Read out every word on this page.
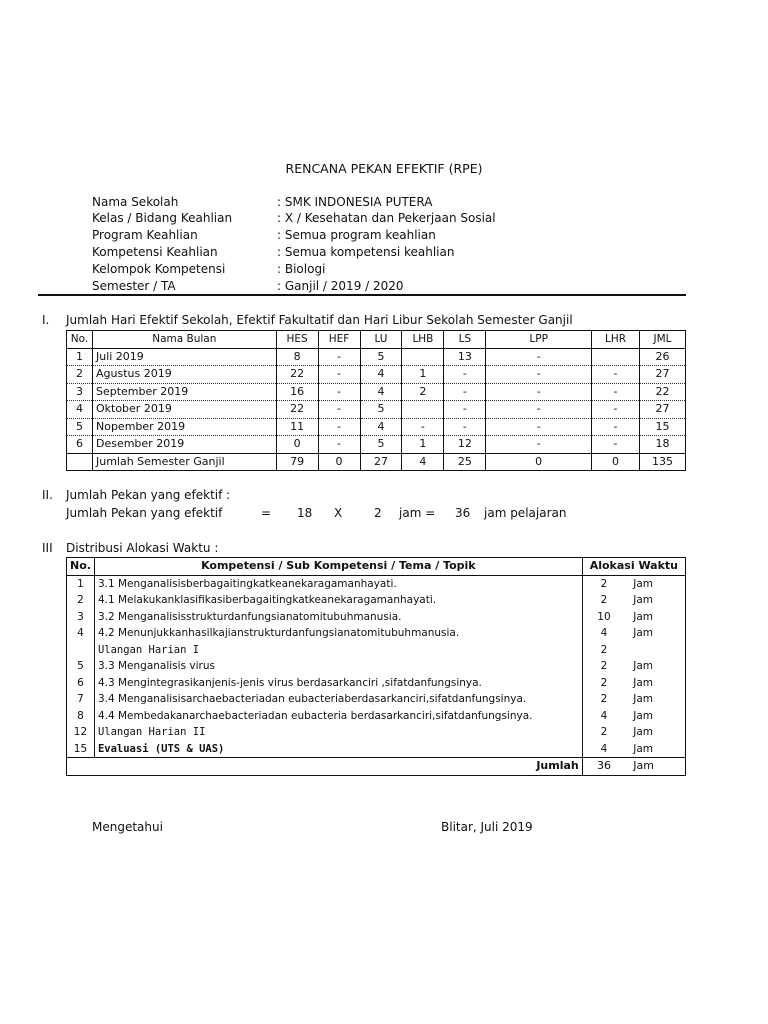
RENCANA PEKAN EFEKTIF (RPE)
Nama Sekolah	: SMK INDONESIA PUTERA
Kelas / Bidang Keahlian	: X / Kesehatan dan Pekerjaan Sosial
Program Keahlian	: Semua program keahlian
Kompetensi Keahlian	: Semua kompetensi keahlian
Kelompok Kompetensi	: Biologi
Semester / TA	: Ganjil / 2019 / 2020
I. Jumlah Hari Efektif Sekolah, Efektif Fakultatif dan Hari Libur Sekolah Semester Ganjil
No.	Nama Bulan	HES	HEF	LU	LHB	LS	LPP	LHR	JML
1	Juli 2019	8	-	5		13	-		26
2	Agustus 2019	22	-	4	1	-	-	-	27
3	September 2019	16	-	4	2	-	-	-	22
4	Oktober 2019	22	-	5		-	-	-	27
5	Nopember 2019	11	-	4	-	-	-	-	15
6	Desember 2019	0	-	5	1	12	-	-	18
	Jumlah Semester Ganjil	79	0	27	4	25	0	0	135
II. Jumlah Pekan yang efektif :
Jumlah Pekan yang efektif	= 18 X	2 jam = 36 jam pelajaran
III Distribusi Alokasi Waktu :
No.	Kompetensi / Sub Kompetensi / Tema / Topik	Alokasi Waktu	
1	3.1 Menganalisisberbagaitingkatkeanekaragamanhayati.	2	Jam
2	4.1 Melakukanklasifikasiberbagaitingkatkeanekaragamanhayati.	2	Jam
3	3.2 Menganalisisstrukturdanfungsianatomitubuhmanusia.	10	Jam
4	4.2 Menunjukkanhasilkajianstrukturdanfungsianatomitubuhmanusia.	4	Jam
	Ulangan Harian I	2	
5	3.3 Menganalisis virus	2	Jam
6	4.3 Mengintegrasikanjenis-jenis virus berdasarkanciri ,sifatdanfungsinya.	2	Jam
7	3.4 Menganalisisarchaebacteriadan eubacteriaberdasarkanciri,sifatdanfungsinya.	2	Jam
8	4.4 Membedakanarchaebacteriadan eubacteria berdasarkanciri,sifatdanfungsinya.	4	Jam
12	Ulangan Harian II	2	Jam
15	Evaluasi (UTS & UAS)	4	Jam
Jumlah		36	Jam
Mengetahui	Blitar, Juli 2019
